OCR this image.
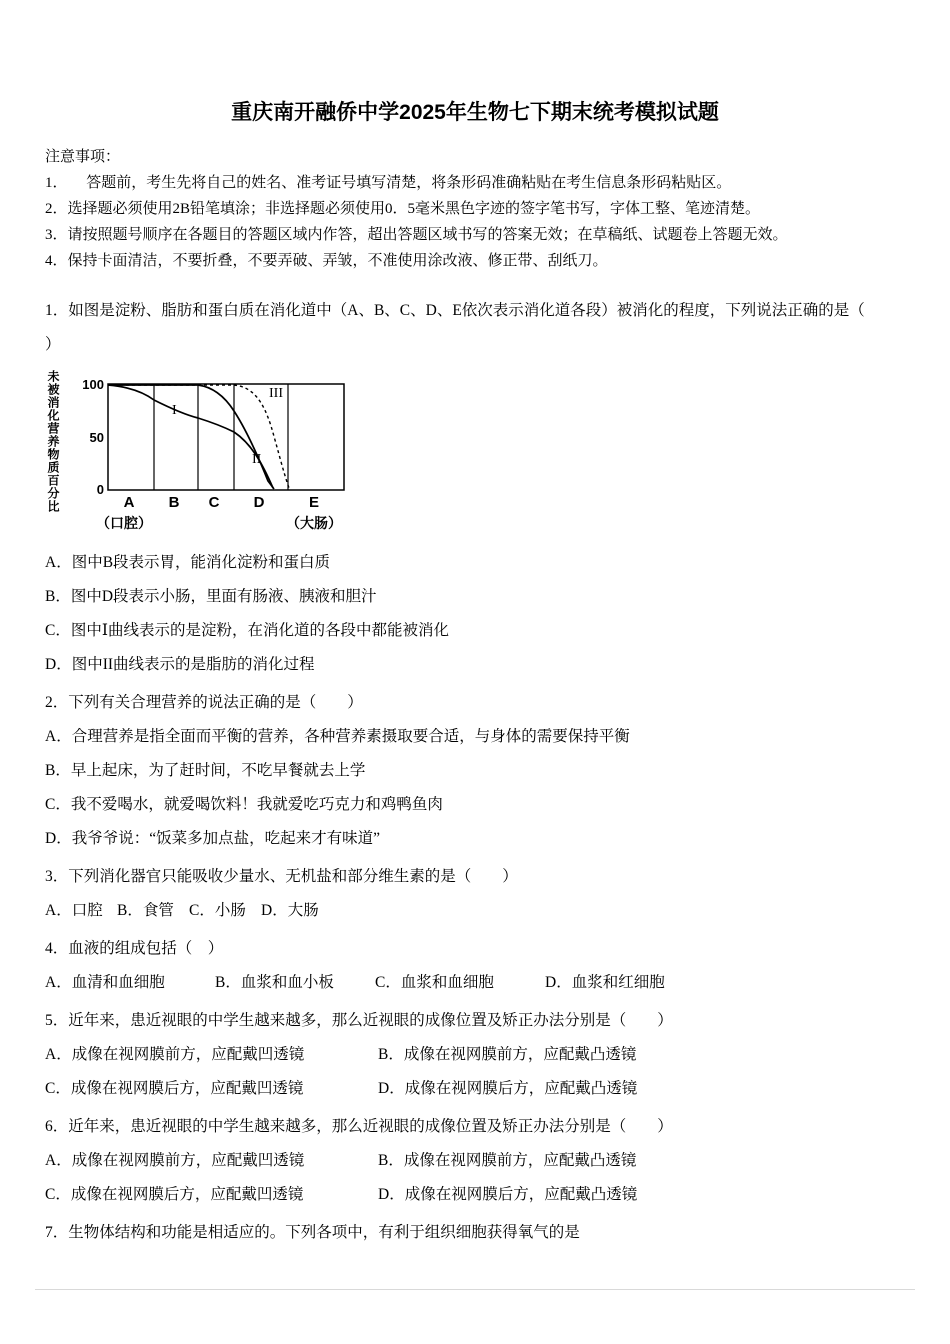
重庆南开融侨中学2025年生物七下期末统考模拟试题
注意事项：
1． 　答题前，考生先将自己的姓名、准考证号填写清楚，将条形码准确粘贴在考生信息条形码粘贴区。
2．选择题必须使用2B铅笔填涂；非选择题必须使用0．5毫米黑色字迹的签字笔书写，字体工整、笔迹清楚。
3．请按照题号顺序在各题目的答题区域内作答，超出答题区域书写的答案无效；在草稿纸、试题卷上答题无效。
4．保持卡面清洁，不要折叠，不要弄破、弄皱，不准使用涂改液、修正带、刮纸刀。
1．如图是淀粉、脂肪和蛋白质在消化道中（A、B、C、D、E依次表示消化道各段）被消化的程度，下列说法正确的是（
）
未被消化营养物质百分比 100
50
0
I
II
III
A B C D	E
（口腔）	（大肠）
A．图中B段表示胃，能消化淀粉和蛋白质
B．图中D段表示小肠，里面有肠液、胰液和胆汁
C．图中Ⅰ曲线表示的是淀粉，在消化道的各段中都能被消化
D．图中II曲线表示的是脂肪的消化过程
2．下列有关合理营养的说法正确的是（　　）
A．合理营养是指全面而平衡的营养，各种营养素摄取要合适，与身体的需要保持平衡
B．早上起床，为了赶时间，不吃早餐就去上学
C．我不爱喝水，就爱喝饮料！我就爱吃巧克力和鸡鸭鱼肉
D．我爷爷说：“饭菜多加点盐，吃起来才有味道”
3．下列消化器官只能吸收少量水、无机盐和部分维生素的是（　　）
A．口腔 B．食管 C．小肠 D．大肠
4．血液的组成包括（　）
A．血清和血细胞	B．血浆和血小板	C．血浆和血细胞	D．血浆和红细胞
5．近年来，患近视眼的中学生越来越多，那么近视眼的成像位置及矫正办法分别是（　　）
A．成像在视网膜前方，应配戴凹透镜	B．成像在视网膜前方，应配戴凸透镜
C．成像在视网膜后方，应配戴凹透镜	D．成像在视网膜后方，应配戴凸透镜
6．近年来，患近视眼的中学生越来越多，那么近视眼的成像位置及矫正办法分别是（　　）
A．成像在视网膜前方，应配戴凹透镜	B．成像在视网膜前方，应配戴凸透镜
C．成像在视网膜后方，应配戴凹透镜	D．成像在视网膜后方，应配戴凸透镜
7．生物体结构和功能是相适应的。下列各项中，有利于组织细胞获得氧气的是
